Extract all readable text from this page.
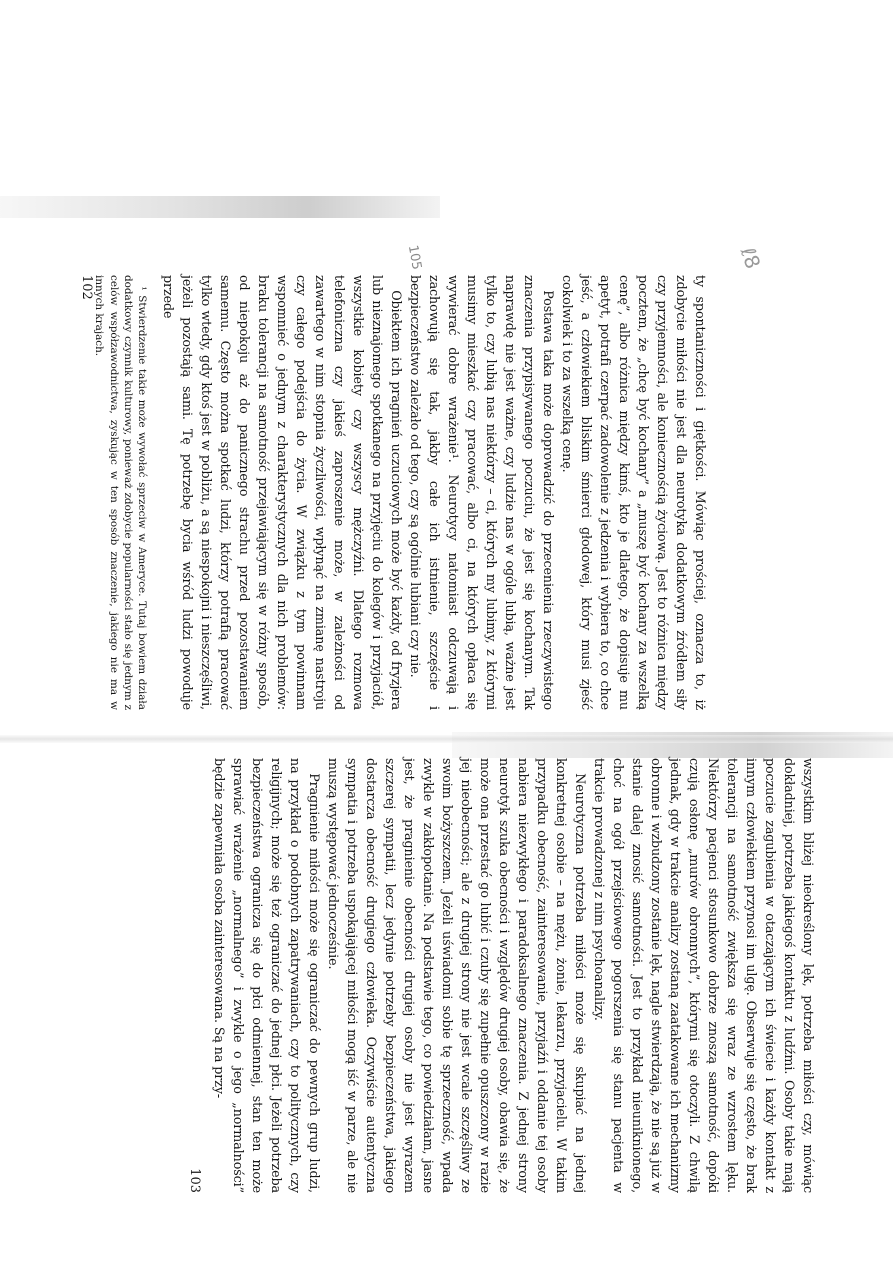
ty spontaniczności i giętkości. Mówiąc prościej, oznacza to, iż zdobycie miłości nie jest dla neurotyka dodatkowym źródłem siły czy przyjemności, ale koniecznością życiową. Jest to różnica między pocztem, że „chcę być kochany” a „muszę być kochany za wszelką cenę”, albo różnica między kimś, kto je dlatego, że dopisuje mu apetyt, potrafi czerpać zadowolenie z jedzenia i wybiera to, co chce jeść, a człowiekiem bliskim śmierci głodowej, który musi zjeść cokolwiek i to za wszelką cenę.

Postawa taka może doprowadzić do przecenienia rzeczywistego znaczenia przypisywanego poczuciu, że jest się kochanym. Tak naprawdę nie jest ważne, czy ludzie nas w ogóle lubią, ważne jest tylko to, czy lubią nas niektórzy – ci, których my lubimy, z którymi musimy mieszkać czy pracować, albo ci, na których opłaca się wywierać dobre wrażenie¹. Neurotycy natomiast odczuwają i zachowują się tak, jakby całe ich istnienie, szczęście i bezpieczeństwo zależało od tego, czy są ogólnie lubiani czy nie.

Obiektem ich pragnień uczuciowych może być każdy, od fryzjera lub nieznajomego spotkanego na przyjęciu do kolegów i przyjaciół, wszystkie kobiety czy wszyscy mężczyźni. Dlatego rozmowa telefoniczna czy jakieś zaproszenie może, w zależności od zawartego w nim stopnia życzliwości, wpłynąć na zmianę nastroju czy całego podejścia do życia. W związku z tym powinnam wspomnieć o jednym z charakterystycznych dla nich problemów: braku tolerancji na samotność przejawiającym się w różny sposób, od niepokoju aż do panicznego strachu przed pozostawaniem samemu. Często można spotkać ludzi, którzy potrafią pracować tylko wtedy, gdy ktoś jest w pobliżu, a są niespokojni i nieszczęśliwi, jeżeli pozostają sami. Tę potrzebę bycia wśród ludzi powoduje przede

¹ Stwierdzenie takie może wywołać sprzeciw w Ameryce. Tutaj bowiem działa dodatkowy czynnik kulturowy, ponieważ zdobycie popularności stało się jednym z celów współzawodnictwa, zyskując w ten sposób znaczenie, jakiego nie ma w innych krajach.

102

wszystkim bliżej nieokreślony lęk, potrzeba miłości czy, mówiąc dokładniej, potrzeba jakiegoś kontaktu z ludźmi. Osoby takie mają poczucie zagubienia w otaczającym ich świecie i każdy kontakt z innym człowiekiem przynosi im ulgę. Obserwuje się często, że brak tolerancji na samotność zwiększa się wraz ze wzrostem lęku. Niektórzy pacjenci stosunkowo dobrze znoszą samotność, dopóki czują osłonę „murów obronnych”, którymi się otoczyli. Z chwilą jednak, gdy w trakcie analizy zostaną zaatakowane ich mechanizmy obronne i wzbudzony zostanie lęk, nagle stwierdzają, że nie są już w stanie dalej znosić samotności. Jest to przykład nieuniknionego, choć na ogół przejściowego pogorszenia się stanu pacjenta w trakcie prowadzonej z nim psychoanalizy.

Neurotyczna potrzeba miłości może się skupiać na jednej konkretnej osobie – na mężu, żonie, lekarzu, przyjacielu. W takim przypadku obecność, zainteresowanie, przyjaźń i oddanie tej osoby nabiera niezwykłego i paradoksalnego znaczenia. Z jednej strony neurotyk szuka obecności i względów drugiej osoby, obawia się, że może ona przestać go lubić i czuby się zupełnie opuszczony w razie jej nieobecności; ale z drugiej strony nie jest wcale szczęśliwy ze swoim bożyszczem. Jeżeli uświadomi sobie tę sprzeczność, wpada zwykle w zakłopotanie. Na podstawie tego, co powiedziałam, jasne jest, że pragnienie obecności drugiej osoby nie jest wyrazem szczerej sympatii, lecz jedynie potrzeby bezpieczeństwa, jakiego dostarcza obecność drugiego człowieka. Oczywiście autentyczna sympatia i potrzeba uspokajającej miłości mogą iść w parze, ale nie muszą występować jednocześnie.

Pragnienie miłości może się ograniczać do pewnych grup ludzi, na przykład o podobnych zapatrywaniach, czy to politycznych, czy religijnych; może się też ograniczać do jednej płci. Jeżeli potrzeba bezpieczeństwa ogranicza się do płci odmiennej, stan ten może sprawiać wrażenie „normalnego” i zwykle o jego „normalności” będzie zapewniała osoba zainteresowana. Są na przy-

103
105	ℓ8
